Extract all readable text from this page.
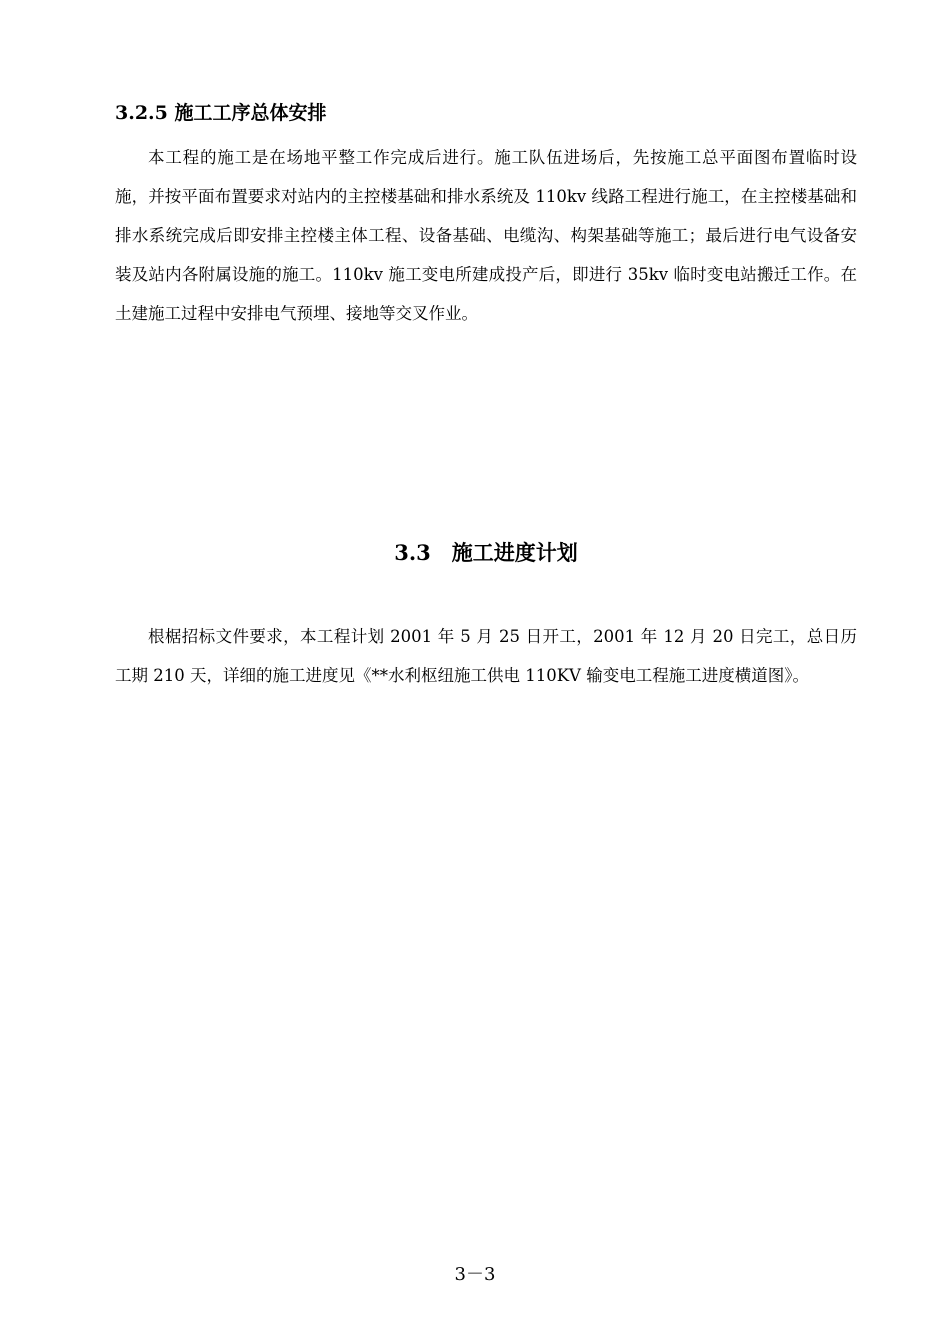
3.2.5 施工工序总体安排

本工程的施工是在场地平整工作完成后进行。施工队伍进场后，先按施工总平面图布置临时设施，并按平面布置要求对站内的主控楼基础和排水系统及 110kv 线路工程进行施工，在主控楼基础和排水系统完成后即安排主控楼主体工程、设备基础、电缆沟、构架基础等施工；最后进行电气设备安装及站内各附属设施的施工。110kv 施工变电所建成投产后，即进行 35kv 临时变电站搬迁工作。在土建施工过程中安排电气预埋、接地等交叉作业。

3.3　施工进度计划

根椐招标文件要求，本工程计划 2001 年 5 月 25 日开工，2001 年 12 月 20 日完工，总日历工期 210 天，详细的施工进度见《**水利枢纽施工供电 110KV 输变电工程施工进度横道图》。

3－3
